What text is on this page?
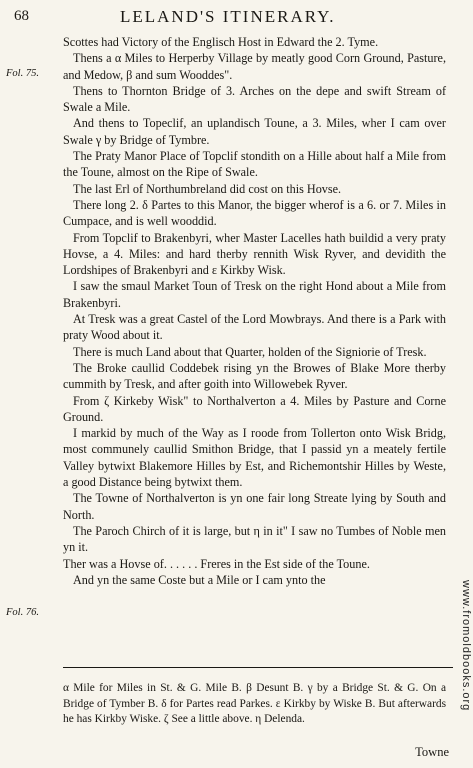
68	LELAND'S ITINERARY.
Fol. 75.
Fol. 76.

Scottes had Victory of the Englisch Host in Edward the 2. Tyme.

Thens a α Miles to Herperby Village by meatly good Corn Ground, Pasture, and Medow, β and sum Wooddes".

Thens to Thornton Bridge of 3. Arches on the depe and swift Stream of Swale a Mile.

And thens to Topeclif, an uplandisch Toune, a 3. Miles, wher I cam over Swale γ by Bridge of Tymbre.

The Praty Manor Place of Topclif stondith on a Hille about half a Mile from the Toune, almost on the Ripe of Swale.

The last Erl of Northumbreland did cost on this Hovse.

There long 2. δ Partes to this Manor, the bigger wherof is a 6. or 7. Miles in Cumpace, and is well wooddid.

From Topclif to Brakenbyri, wher Master Lacelles hath buildid a very praty Hovse, a 4. Miles: and hard therby rennith Wisk Ryver, and devidith the Lordshipes of Brakenbyri and ε Kirkby Wisk.

I saw the smaul Market Toun of Tresk on the right Hond about a Mile from Brakenbyri.

At Tresk was a great Castel of the Lord Mowbrays. And there is a Park with praty Wood about it.

There is much Land about that Quarter, holden of the Signiorie of Tresk.

The Broke caullid Coddebek rising yn the Browes of Blake More therby cummith by Tresk, and after goith into Willowebek Ryver.

From ζ Kirkeby Wisk" to Northalverton a 4. Miles by Pasture and Corne Ground.

I markid by much of the Way as I roode from Tollerton onto Wisk Bridg, most communely caullid Smithon Bridge, that I passid yn a meately fertile Valley bytwixt Blakemore Hilles by Est, and Richemontshir Hilles by Weste, a good Distance being bytwixt them.

The Towne of Northalverton is yn one fair long Streate lying by South and North.

The Paroch Chirch of it is large, but η in it" I saw no Tumbes of Noble men yn it.

Ther was a Hovse of. . . . . . Freres in the Est side of the Toune.

And yn the same Coste but a Mile or I cam ynto the

α Mile for Miles in St. & G. Mile B. β Desunt B. γ by a Bridge St. & G. On a Bridge of Tymber B. δ for Partes read Parkes. ε Kirkby by Wiske B. But afterwards he has Kirkby Wiske. ζ See a little above. η Delenda.
Towne
www.fromoldbooks.org
